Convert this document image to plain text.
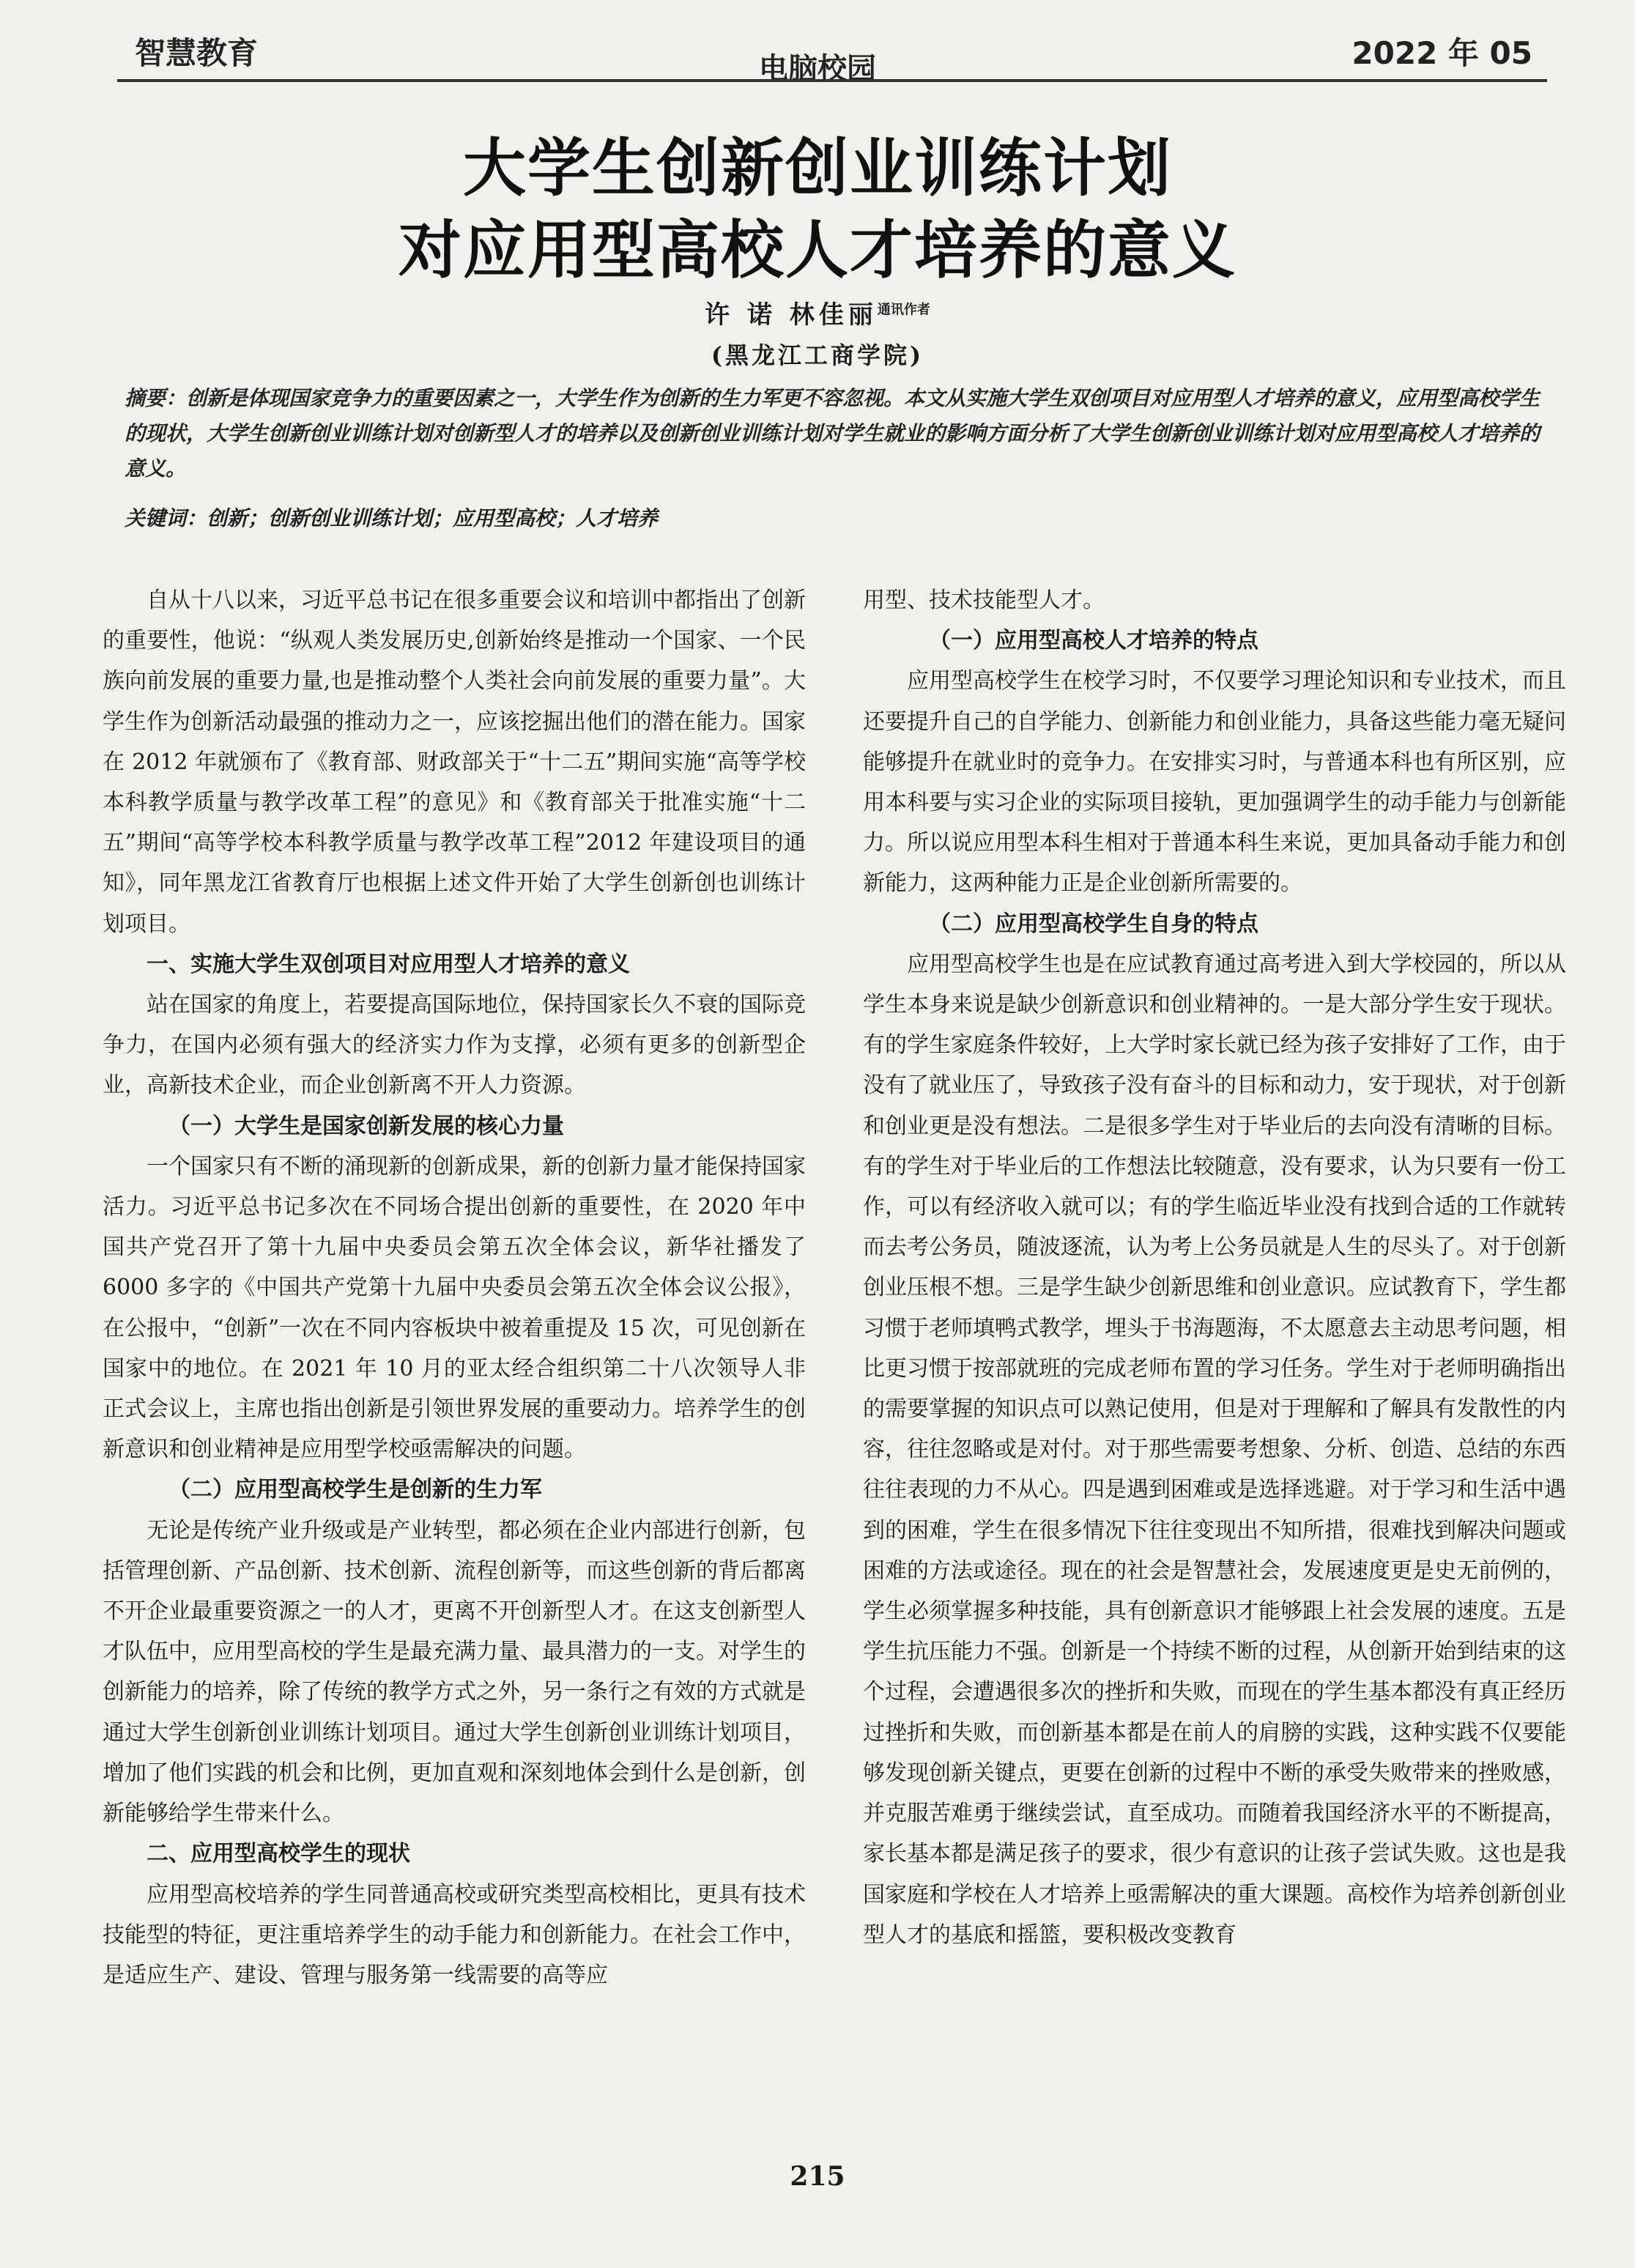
智慧教育	电脑校园	2022 年 05
大学生创新创业训练计划
对应用型高校人才培养的意义
许 诺 林佳丽$^{通讯作者}$
(黑龙江工商学院)
摘要：创新是体现国家竞争力的重要因素之一，大学生作为创新的生力军更不容忽视。本文从实施大学生双创项目对应用型人才培养的意义，应用型高校学生的现状，大学生创新创业训练计划对创新型人才的培养以及创新创业训练计划对学生就业的影响方面分析了大学生创新创业训练计划对应用型高校人才培养的意义。
关键词：创新；创新创业训练计划；应用型高校；人才培养

自从十八以来，习近平总书记在很多重要会议和培训中都指出了创新的重要性，他说：“纵观人类发展历史,创新始终是推动一个国家、一个民族向前发展的重要力量,也是推动整个人类社会向前发展的重要力量”。大学生作为创新活动最强的推动力之一，应该挖掘出他们的潜在能力。国家在 2012 年就颁布了《教育部、财政部关于“十二五”期间实施“高等学校本科教学质量与教学改革工程”的意见》和《教育部关于批准实施“十二五”期间“高等学校本科教学质量与教学改革工程”2012 年建设项目的通知》，同年黑龙江省教育厅也根据上述文件开始了大学生创新创也训练计划项目。

一、实施大学生双创项目对应用型人才培养的意义

站在国家的角度上，若要提高国际地位，保持国家长久不衰的国际竞争力，在国内必须有强大的经济实力作为支撑，必须有更多的创新型企业，高新技术企业，而企业创新离不开人力资源。

（一）大学生是国家创新发展的核心力量

一个国家只有不断的涌现新的创新成果，新的创新力量才能保持国家活力。习近平总书记多次在不同场合提出创新的重要性，在 2020 年中国共产党召开了第十九届中央委员会第五次全体会议，新华社播发了 6000 多字的《中国共产党第十九届中央委员会第五次全体会议公报》，在公报中，“创新”一次在不同内容板块中被着重提及 15 次，可见创新在国家中的地位。在 2021 年 10 月的亚太经合组织第二十八次领导人非正式会议上，主席也指出创新是引领世界发展的重要动力。培养学生的创新意识和创业精神是应用型学校亟需解决的问题。

（二）应用型高校学生是创新的生力军

无论是传统产业升级或是产业转型，都必须在企业内部进行创新，包括管理创新、产品创新、技术创新、流程创新等，而这些创新的背后都离不开企业最重要资源之一的人才，更离不开创新型人才。在这支创新型人才队伍中，应用型高校的学生是最充满力量、最具潜力的一支。对学生的创新能力的培养，除了传统的教学方式之外，另一条行之有效的方式就是通过大学生创新创业训练计划项目。通过大学生创新创业训练计划项目，增加了他们实践的机会和比例，更加直观和深刻地体会到什么是创新，创新能够给学生带来什么。

二、应用型高校学生的现状

应用型高校培养的学生同普通高校或研究类型高校相比，更具有技术技能型的特征，更注重培养学生的动手能力和创新能力。在社会工作中，是适应生产、建设、管理与服务第一线需要的高等应

用型、技术技能型人才。

（一）应用型高校人才培养的特点

应用型高校学生在校学习时，不仅要学习理论知识和专业技术，而且还要提升自己的自学能力、创新能力和创业能力，具备这些能力毫无疑问能够提升在就业时的竞争力。在安排实习时，与普通本科也有所区别，应用本科要与实习企业的实际项目接轨，更加强调学生的动手能力与创新能力。所以说应用型本科生相对于普通本科生来说，更加具备动手能力和创新能力，这两种能力正是企业创新所需要的。

（二）应用型高校学生自身的特点

应用型高校学生也是在应试教育通过高考进入到大学校园的，所以从学生本身来说是缺少创新意识和创业精神的。一是大部分学生安于现状。有的学生家庭条件较好，上大学时家长就已经为孩子安排好了工作，由于没有了就业压了，导致孩子没有奋斗的目标和动力，安于现状，对于创新和创业更是没有想法。二是很多学生对于毕业后的去向没有清晰的目标。有的学生对于毕业后的工作想法比较随意，没有要求，认为只要有一份工作，可以有经济收入就可以；有的学生临近毕业没有找到合适的工作就转而去考公务员，随波逐流，认为考上公务员就是人生的尽头了。对于创新创业压根不想。三是学生缺少创新思维和创业意识。应试教育下，学生都习惯于老师填鸭式教学，埋头于书海题海，不太愿意去主动思考问题，相比更习惯于按部就班的完成老师布置的学习任务。学生对于老师明确指出的需要掌握的知识点可以熟记使用，但是对于理解和了解具有发散性的内容，往往忽略或是对付。对于那些需要考想象、分析、创造、总结的东西往往表现的力不从心。四是遇到困难或是选择逃避。对于学习和生活中遇到的困难，学生在很多情况下往往变现出不知所措，很难找到解决问题或困难的方法或途径。现在的社会是智慧社会，发展速度更是史无前例的，学生必须掌握多种技能，具有创新意识才能够跟上社会发展的速度。五是学生抗压能力不强。创新是一个持续不断的过程，从创新开始到结束的这个过程，会遭遇很多次的挫折和失败，而现在的学生基本都没有真正经历过挫折和失败，而创新基本都是在前人的肩膀的实践，这种实践不仅要能够发现创新关键点，更要在创新的过程中不断的承受失败带来的挫败感，并克服苦难勇于继续尝试，直至成功。而随着我国经济水平的不断提高，家长基本都是满足孩子的要求，很少有意识的让孩子尝试失败。这也是我国家庭和学校在人才培养上亟需解决的重大课题。高校作为培养创新创业型人才的基底和摇篮，要积极改变教育

215
